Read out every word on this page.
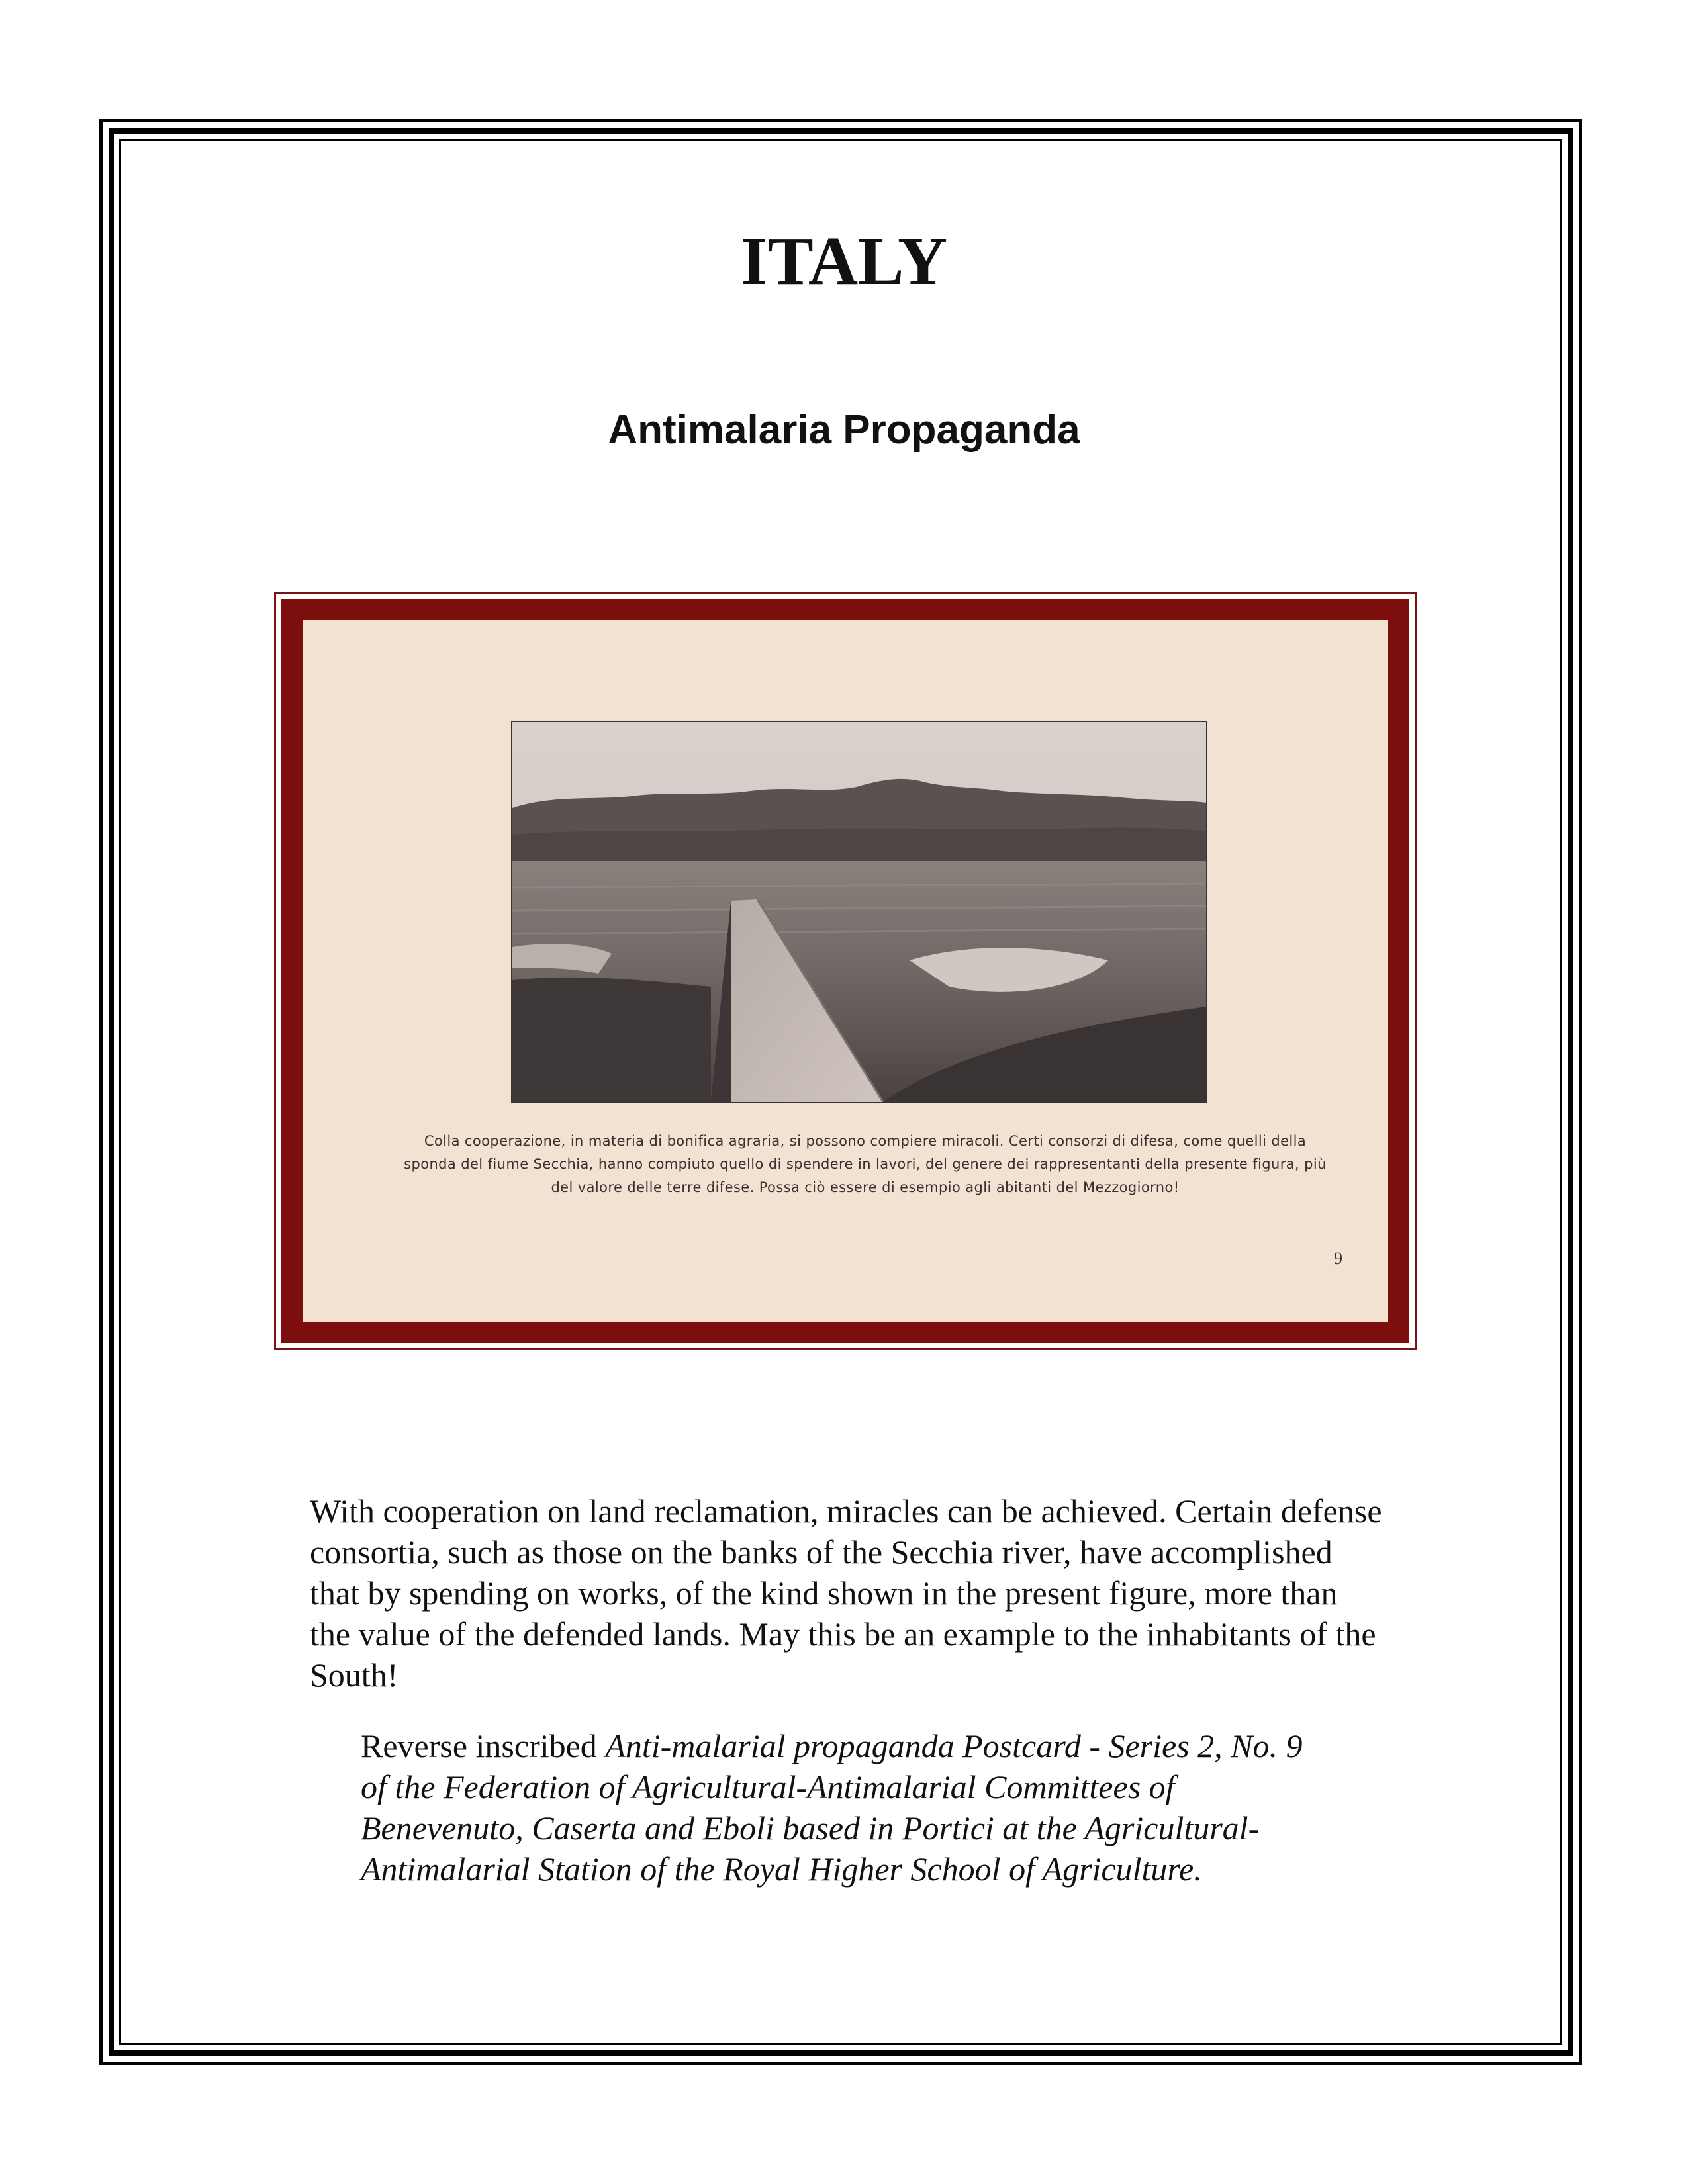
ITALY
Antimalaria Propaganda
Colla cooperazione, in materia di bonifica agraria, si possono compiere miracoli. Certi consorzi di difesa, come quelli della sponda del fiume Secchia, hanno compiuto quello di spendere in lavori, del genere dei rappresentanti della presente figura, più del valore delle terre difese. Possa ciò essere di esempio agli abitanti del Mezzogiorno!
9

With cooperation on land reclamation, miracles can be achieved. Certain defense consortia, such as those on the banks of the Secchia river, have accomplished that by spending on works, of the kind shown in the present figure, more than the value of the defended lands. May this be an example to the inhabitants of the South!

Reverse inscribed Anti-malarial propaganda Postcard - Series 2, No. 9 of the Federation of Agricultural-Antimalarial Committees of Benevenuto, Caserta and Eboli based in Portici at the Agricultural-Antimalarial Station of the Royal Higher School of Agriculture.
